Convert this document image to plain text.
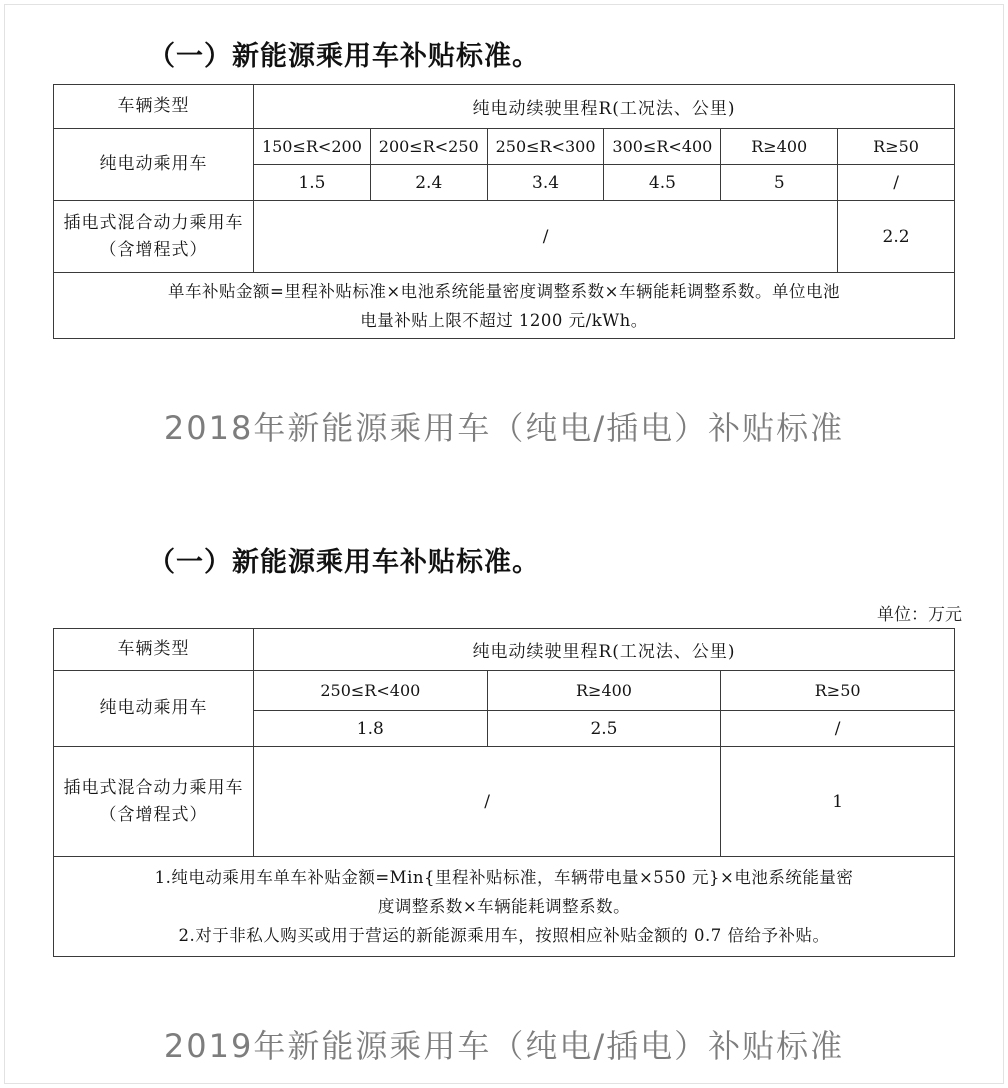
（一）新能源乘用车补贴标准。
车辆类型	纯电动续驶里程R(工况法、公里)					
纯电动乘用车	150≤R<200	200≤R<250	250≤R<300	300≤R<400	R≥400	R≥50
	1.5	2.4	3.4	4.5	5	/
插电式混合动力乘用车（含增程式）	/					2.2

单车补贴金额=里程补贴标准×电池系统能量密度调整系数×车辆能耗调整系数。单位电池
电量补贴上限不超过 1200 元/kWh。						
2018年新能源乘用车（纯电/插电）补贴标准
（一）新能源乘用车补贴标准。
单位：万元
车辆类型	纯电动续驶里程R(工况法、公里)		
纯电动乘用车	250≤R<400	R≥400	R≥50
	1.8	2.5	/
插电式混合动力乘用车（含增程式）	/		1

1.纯电动乘用车单车补贴金额=Min{里程补贴标准，车辆带电量×550 元}×电池系统能量密
度调整系数×车辆能耗调整系数。
2.对于非私人购买或用于营运的新能源乘用车，按照相应补贴金额的 0.7 倍给予补贴。			
2019年新能源乘用车（纯电/插电）补贴标准
